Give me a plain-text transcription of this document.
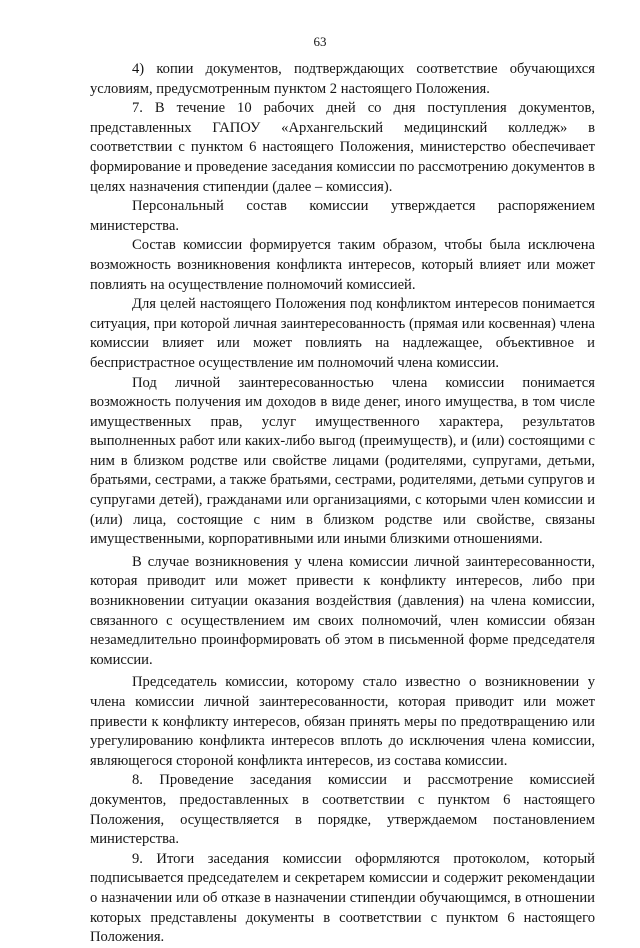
63

4) копии документов, подтверждающих соответствие обучающихся условиям, предусмотренным пунктом 2 настоящего Положения.

7. В течение 10 рабочих дней со дня поступления документов, представленных ГАПОУ «Архангельский медицинский колледж» в соответствии с пунктом 6 настоящего Положения, министерство обеспечивает формирование и проведение заседания комиссии по рассмотрению документов в целях назначения стипендии (далее – комиссия).

Персональный состав комиссии утверждается распоряжением министерства.

Состав комиссии формируется таким образом, чтобы была исключена возможность возникновения конфликта интересов, который влияет или может повлиять на осуществление полномочий комиссией.

Для целей настоящего Положения под конфликтом интересов понимается ситуация, при которой личная заинтересованность (прямая или косвенная) члена комиссии влияет или может повлиять на надлежащее, объективное и беспристрастное осуществление им полномочий члена комиссии.

Под личной заинтересованностью члена комиссии понимается возможность получения им доходов в виде денег, иного имущества, в том числе имущественных прав, услуг имущественного характера, результатов выполненных работ или каких-либо выгод (преимуществ), и (или) состоящими с ним в близком родстве или свойстве лицами (родителями, супругами, детьми, братьями, сестрами, а также братьями, сестрами, родителями, детьми супругов и супругами детей), гражданами или организациями, с которыми член комиссии и (или) лица, состоящие с ним в близком родстве или свойстве, связаны имущественными, корпоративными или иными близкими отношениями.

В случае возникновения у члена комиссии личной заинтересованности, которая приводит или может привести к конфликту интересов, либо при возникновении ситуации оказания воздействия (давления) на члена комиссии, связанного с осуществлением им своих полномочий, член комиссии обязан незамедлительно проинформировать об этом в письменной форме председателя комиссии.

Председатель комиссии, которому стало известно о возникновении у члена комиссии личной заинтересованности, которая приводит или может привести к конфликту интересов, обязан принять меры по предотвращению или урегулированию конфликта интересов вплоть до исключения члена комиссии, являющегося стороной конфликта интересов, из состава комиссии.

8. Проведение заседания комиссии и рассмотрение комиссией документов, предоставленных в соответствии с пунктом 6 настоящего Положения, осуществляется в порядке, утверждаемом постановлением министерства.

9. Итоги заседания комиссии оформляются протоколом, который подписывается председателем и секретарем комиссии и содержит рекомендации о назначении или об отказе в назначении стипендии обучающимся, в отношении которых представлены документы в соответствии с пунктом 6 настоящего Положения.
